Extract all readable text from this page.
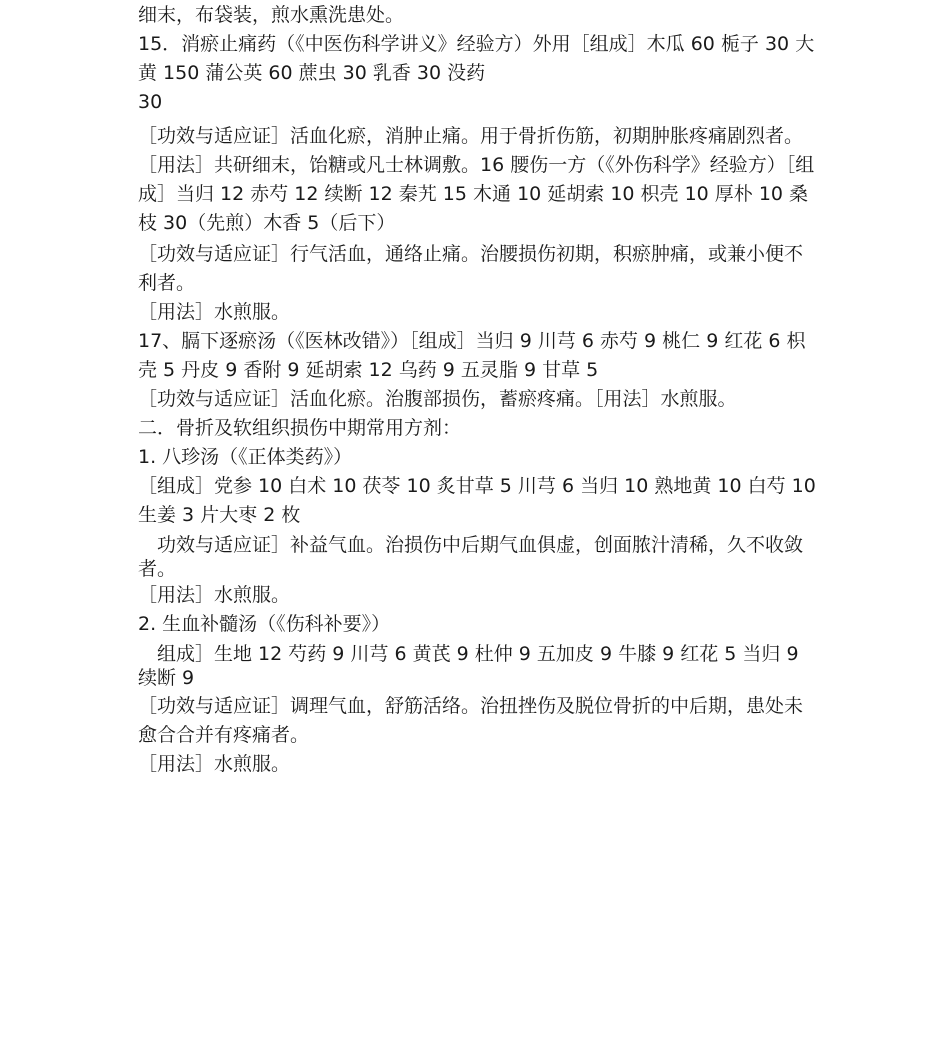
细末，布袋装，煎水熏洗患处。

15．消瘀止痛药（《中医伤科学讲义》经验方）外用［组成］木瓜 60 栀子 30 大黄 150 蒲公英 60 蔗虫 30 乳香 30 没药

30

［功效与适应证］活血化瘀，消肿止痛。用于骨折伤筋，初期肿胀疼痛剧烈者。

［用法］共研细末，饴糖或凡士林调敷。16 腰伤一方（《外伤科学》经验方）［组成］当归 12 赤芍 12 续断 12 秦艽 15 木通 10 延胡索 10 枳壳 10 厚朴 10 桑枝 30（先煎）木香 5（后下）

［功效与适应证］行气活血，通络止痛。治腰损伤初期，积瘀肿痛，或兼小便不利者。

［用法］水煎服。

17、膈下逐瘀汤（《医林改错》）［组成］当归 9 川芎 6 赤芍 9 桃仁 9 红花 6 枳壳 5 丹皮 9 香附 9 延胡索 12 乌药 9 五灵脂 9 甘草 5

［功效与适应证］活血化瘀。治腹部损伤，蓄瘀疼痛。［用法］水煎服。

二．骨折及软组织损伤中期常用方剂：

1. 八珍汤（《正体类药》）

［组成］党参 10 白术 10 茯苓 10 炙甘草 5 川芎 6 当归 10 熟地黄 10 白芍 10 生姜 3 片大枣 2 枚

　功效与适应证］补益气血。治损伤中后期气血俱虚，创面脓汁清稀，久不收敛者。

［用法］水煎服。

2. 生血补髓汤（《伤科补要》）

　组成］生地 12 芍药 9 川芎 6 黄芪 9 杜仲 9 五加皮 9 牛膝 9 红花 5 当归 9 续断 9

［功效与适应证］调理气血，舒筋活络。治扭挫伤及脱位骨折的中后期，患处未愈合合并有疼痛者。

［用法］水煎服。
